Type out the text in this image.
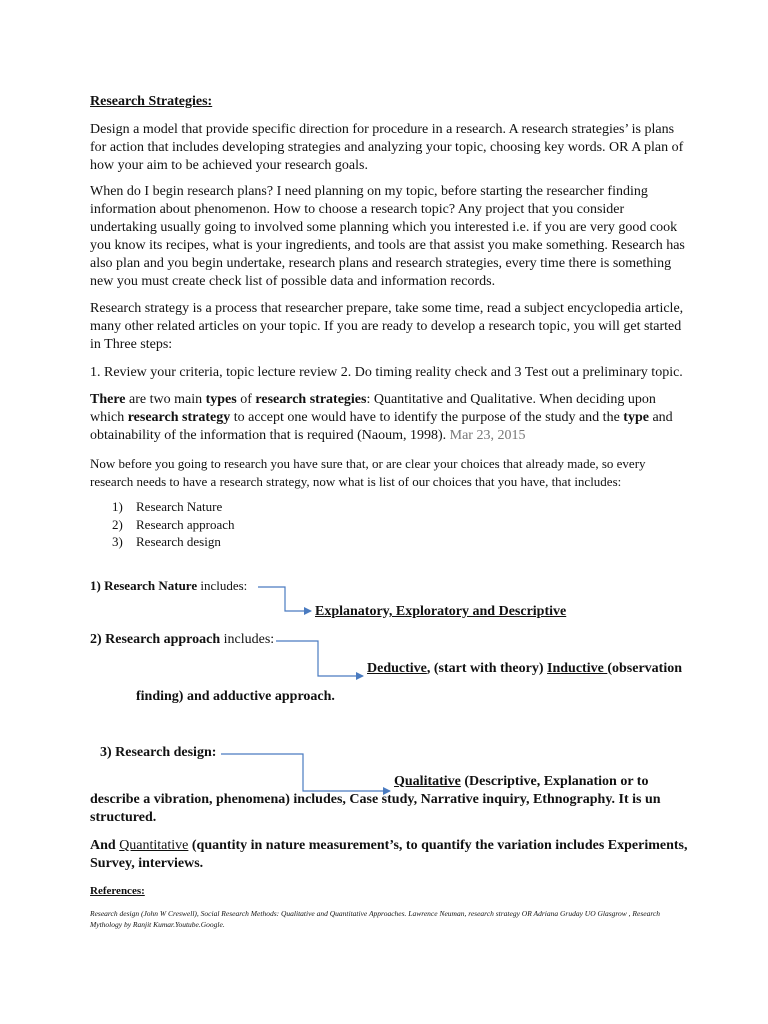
Research Strategies:
Design a model that provide specific direction for procedure in a research. A research strategies’ is plans for action that includes developing strategies and analyzing your topic, choosing key words. OR A plan of how your aim to be achieved your research goals.
When do I begin research plans? I need planning on my topic, before starting the researcher finding information about phenomenon. How to choose a research topic? Any project that you consider undertaking usually going to involved some planning which you interested i.e. if you are very good cook you know its recipes, what is your ingredients, and tools are that assist you make something. Research has also plan and you begin undertake, research plans and research strategies, every time there is something new you must create check list of possible data and information records.
Research strategy is a process that researcher prepare, take some time, read a subject encyclopedia article, many other related articles on your topic. If you are ready to develop a research topic, you will get started in Three steps:
1. Review your criteria, topic lecture review 2. Do timing reality check and 3 Test out a preliminary topic.
There are two main types of research strategies: Quantitative and Qualitative. When deciding upon which research strategy to accept one would have to identify the purpose of the study and the type and obtainability of the information that is required (Naoum, 1998). Mar 23, 2015
Now before you going to research you have sure that, or are clear your choices that already made, so every research needs to have a research strategy, now what is list of our choices that you have, that includes:
1) Research Nature
2) Research approach
3) Research design
1) Research Nature includes:
Explanatory, Exploratory and Descriptive
2) Research approach includes:
Deductive, (start with theory) Inductive (observation
finding) and adductive approach.
3) Research design:
Qualitative (Descriptive, Explanation or to
describe a vibration, phenomena) includes, Case study, Narrative inquiry, Ethnography. It is un structured.
And Quantitative (quantity in nature measurement’s, to quantify the variation includes Experiments, Survey, interviews.
References:
Research design (John W Creswell), Social Research Methods: Qualitative and Quantitative Approaches. Lawrence Neuman, research strategy OR Adriana Gruday UO Glasgrow , Research Mythology by Ranjit Kumar.Youtube.Google.
